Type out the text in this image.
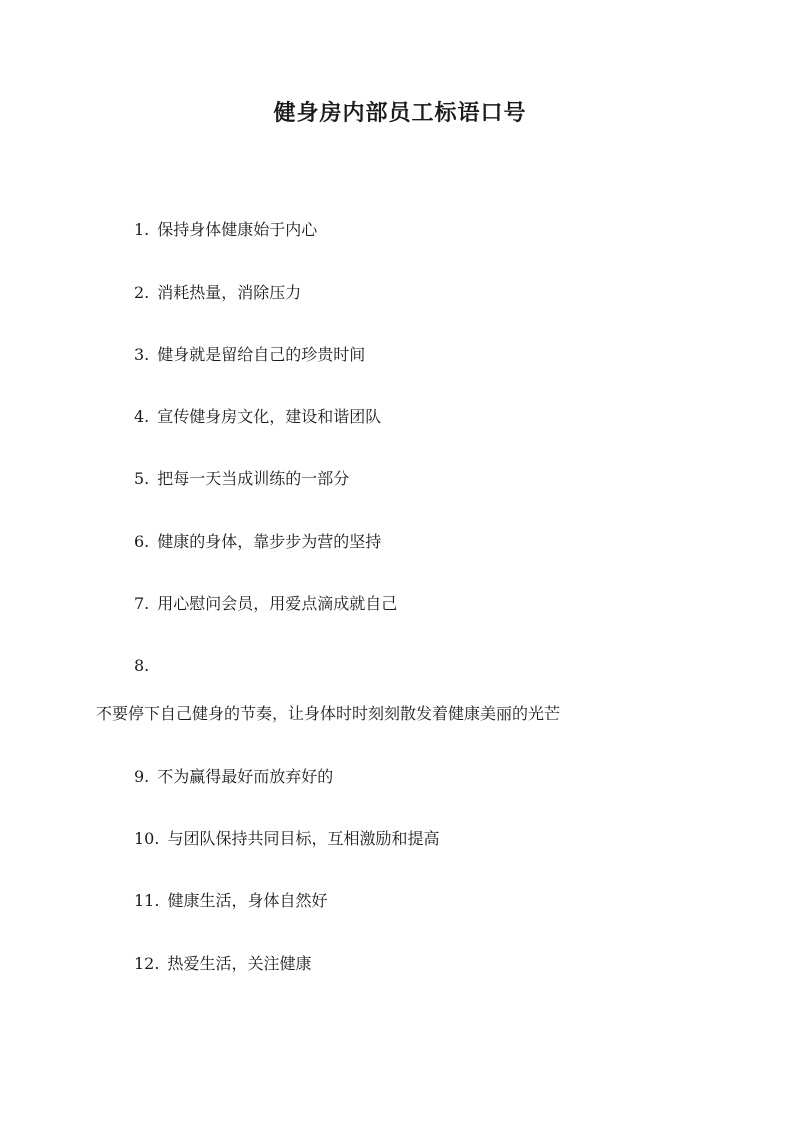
健身房内部员工标语口号
1. 保持身体健康始于内心
2. 消耗热量，消除压力
3. 健身就是留给自己的珍贵时间
4. 宣传健身房文化，建设和谐团队
5. 把每一天当成训练的一部分
6. 健康的身体，靠步步为营的坚持
7. 用心慰问会员，用爱点滴成就自己
8.
不要停下自己健身的节奏，让身体时时刻刻散发着健康美丽的光芒
9. 不为赢得最好而放弃好的
10. 与团队保持共同目标，互相激励和提高
11. 健康生活，身体自然好
12. 热爱生活，关注健康
